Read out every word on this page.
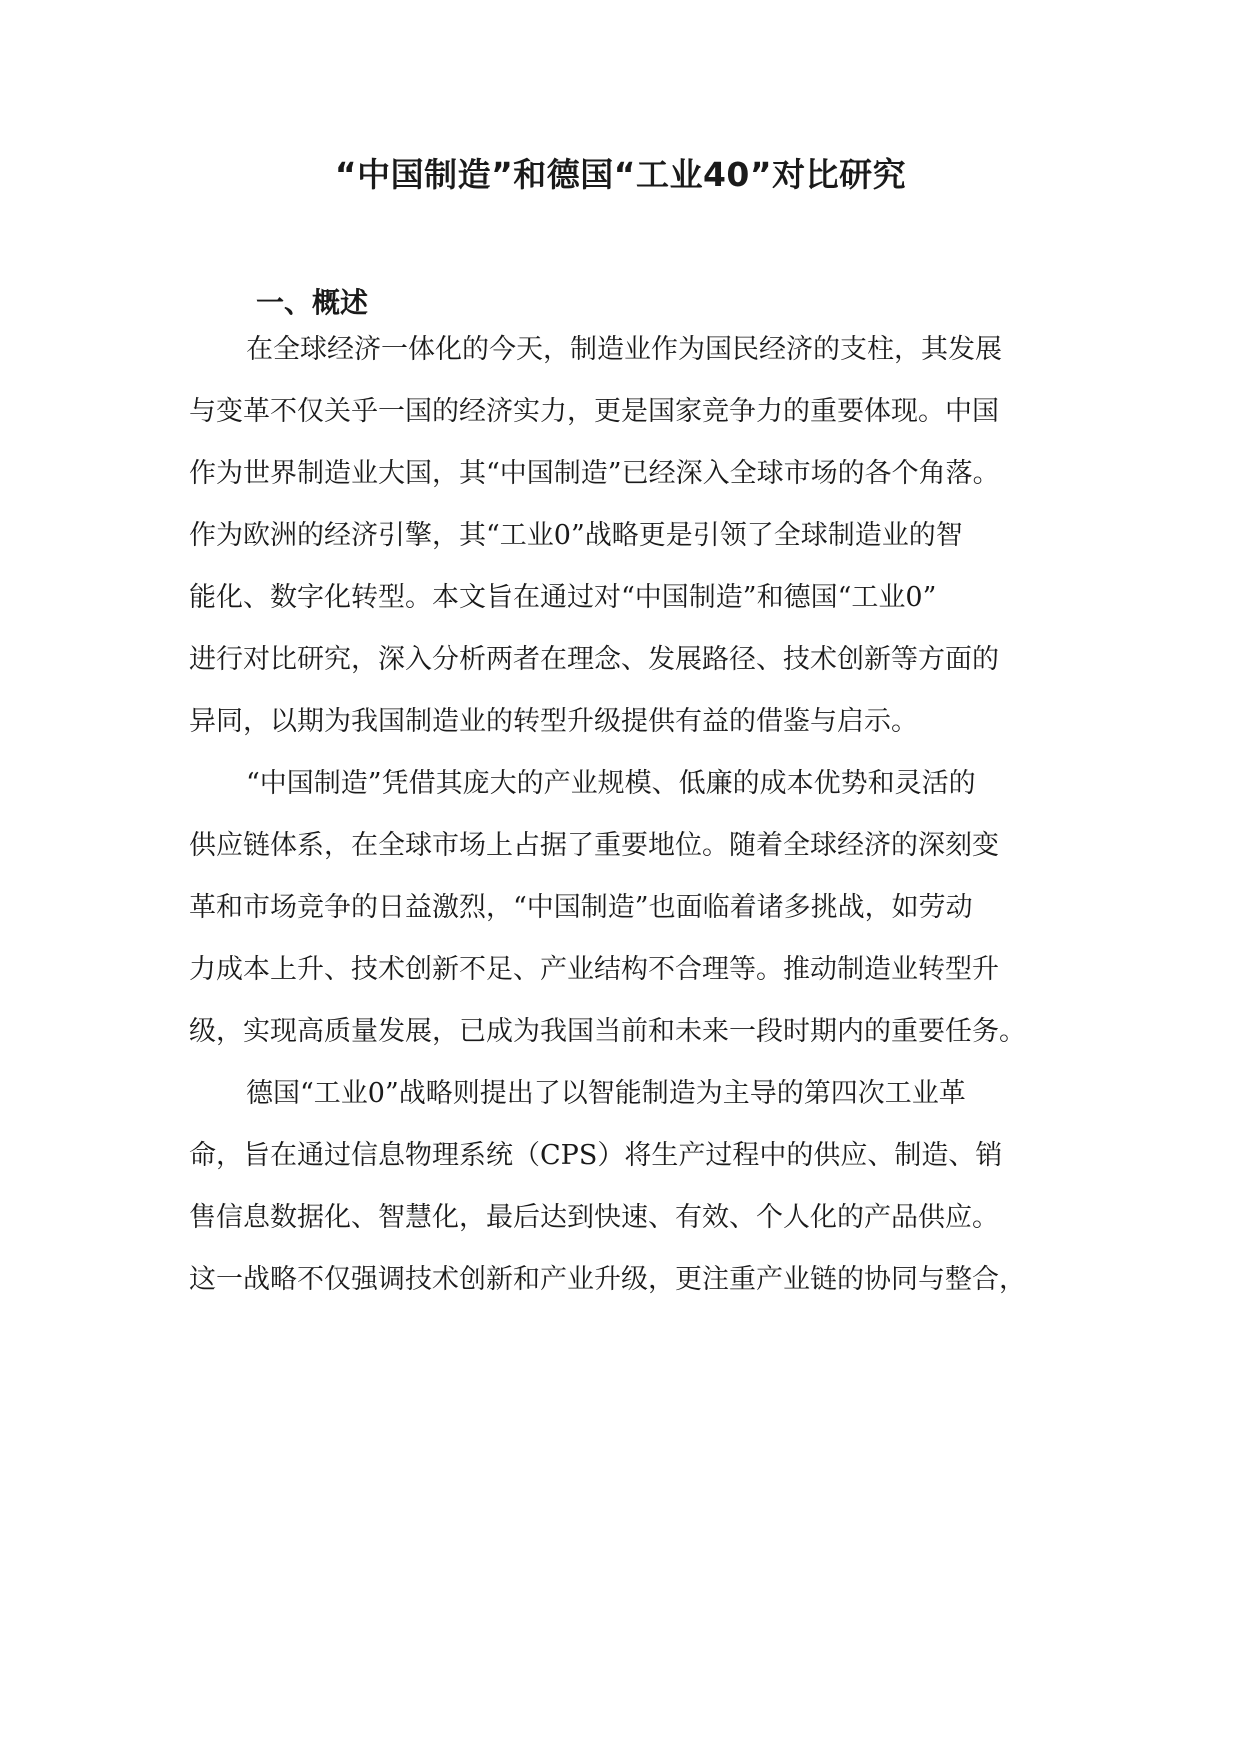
“中国制造”和德国“工业40”对比研究
一、概述
在全球经济一体化的今天，制造业作为国民经济的支柱，其发展
与变革不仅关乎一国的经济实力，更是国家竞争力的重要体现。中国
作为世界制造业大国，其“中国制造”已经深入全球市场的各个角落。
作为欧洲的经济引擎，其“工业0”战略更是引领了全球制造业的智
能化、数字化转型。本文旨在通过对“中国制造”和德国“工业0”
进行对比研究，深入分析两者在理念、发展路径、技术创新等方面的
异同，以期为我国制造业的转型升级提供有益的借鉴与启示。
“中国制造”凭借其庞大的产业规模、低廉的成本优势和灵活的
供应链体系，在全球市场上占据了重要地位。随着全球经济的深刻变
革和市场竞争的日益激烈，“中国制造”也面临着诸多挑战，如劳动
力成本上升、技术创新不足、产业结构不合理等。推动制造业转型升
级，实现高质量发展，已成为我国当前和未来一段时期内的重要任务。
德国“工业0”战略则提出了以智能制造为主导的第四次工业革
命，旨在通过信息物理系统（CPS）将生产过程中的供应、制造、销
售信息数据化、智慧化，最后达到快速、有效、个人化的产品供应。
这一战略不仅强调技术创新和产业升级，更注重产业链的协同与整合，
